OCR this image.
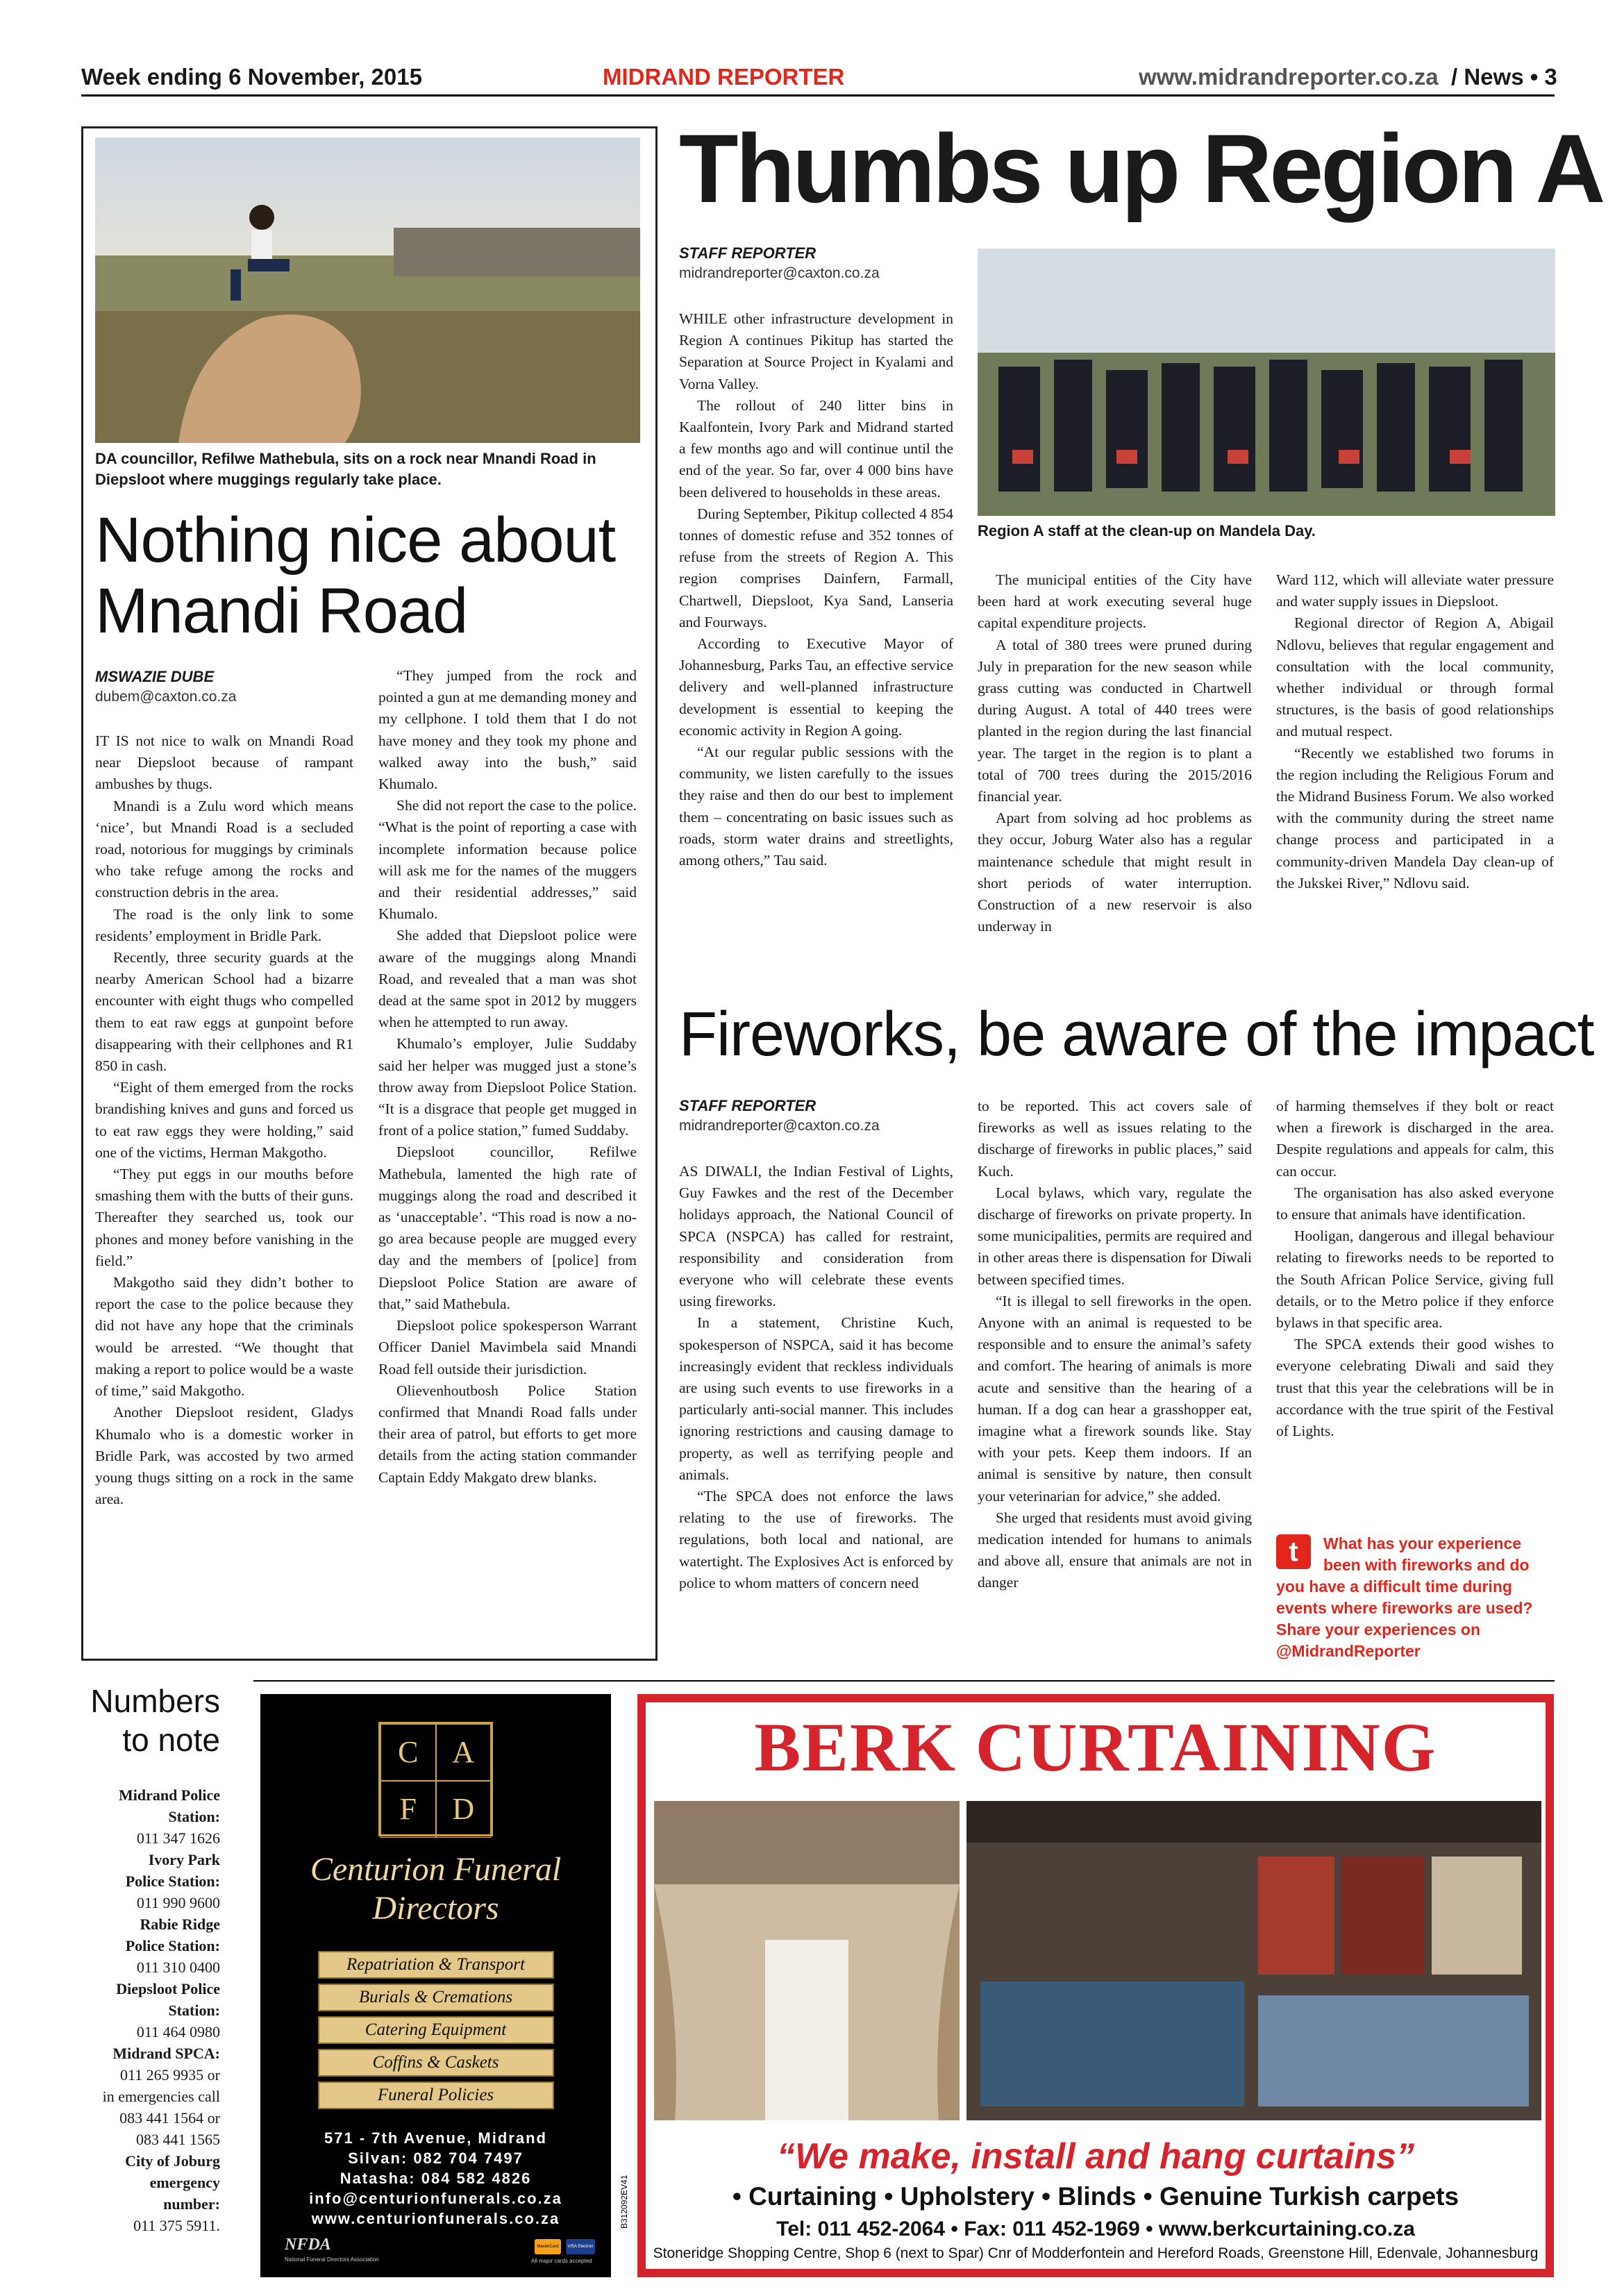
Week ending 6 November, 2015	MIDRAND REPORTER	www.midrandreporter.co.za / News • 3
DA councillor, Refilwe Mathebula, sits on a rock near Mnandi Road in Diepsloot where muggings regularly take place.
Nothing nice about
Mnandi Road
MSWAZIE DUBE
dubem@caxton.co.za

IT IS not nice to walk on Mnandi Road near Diepsloot because of rampant ambushes by thugs.

Mnandi is a Zulu word which means ‘nice’, but Mnandi Road is a secluded road, notorious for muggings by criminals who take refuge among the rocks and construction debris in the area.

The road is the only link to some residents’ employment in Bridle Park.

Recently, three security guards at the nearby American School had a bizarre encounter with eight thugs who compelled them to eat raw eggs at gunpoint before disappearing with their cellphones and R1 850 in cash.

“Eight of them emerged from the rocks brandishing knives and guns and forced us to eat raw eggs they were holding,” said one of the victims, Herman Makgotho.

“They put eggs in our mouths before smashing them with the butts of their guns. Thereafter they searched us, took our phones and money before vanishing in the field.”

Makgotho said they didn’t bother to report the case to the police because they did not have any hope that the criminals would be arrested. “We thought that making a report to police would be a waste of time,” said Makgotho.

Another Diepsloot resident, Gladys Khumalo who is a domestic worker in Bridle Park, was accosted by two armed young thugs sitting on a rock in the same area.

“They jumped from the rock and pointed a gun at me demanding money and my cellphone. I told them that I do not have money and they took my phone and walked away into the bush,” said Khumalo.

She did not report the case to the police. “What is the point of reporting a case with incomplete information because police will ask me for the names of the muggers and their residential addresses,” said Khumalo.

She added that Diepsloot police were aware of the muggings along Mnandi Road, and revealed that a man was shot dead at the same spot in 2012 by muggers when he attempted to run away.

Khumalo’s employer, Julie Suddaby said her helper was mugged just a stone’s throw away from Diepsloot Police Station. “It is a disgrace that people get mugged in front of a police station,” fumed Suddaby.

Diepsloot councillor, Refilwe Mathebula, lamented the high rate of muggings along the road and described it as ‘unacceptable’. “This road is now a no-go area because people are mugged every day and the members of [police] from Diepsloot Police Station are aware of that,” said Mathebula.

Diepsloot police spokesperson Warrant Officer Daniel Mavimbela said Mnandi Road fell outside their jurisdiction.

Olievenhoutbosh Police Station confirmed that Mnandi Road falls under their area of patrol, but efforts to get more details from the acting station commander Captain Eddy Makgato drew blanks.

Thumbs up Region A
STAFF REPORTER
midrandreporter@caxton.co.za
Region A staff at the clean-up on Mandela Day.

WHILE other infrastructure development in Region A continues Pikitup has started the Separation at Source Project in Kyalami and Vorna Valley.

The rollout of 240 litter bins in Kaalfontein, Ivory Park and Midrand started a few months ago and will continue until the end of the year. So far, over 4 000 bins have been delivered to households in these areas.

During September, Pikitup collected 4 854 tonnes of domestic refuse and 352 tonnes of refuse from the streets of Region A. This region comprises Dainfern, Farmall, Chartwell, Diepsloot, Kya Sand, Lanseria and Fourways.

According to Executive Mayor of Johannesburg, Parks Tau, an effective service delivery and well-planned infrastructure development is essential to keeping the economic activity in Region A going.

“At our regular public sessions with the community, we listen carefully to the issues they raise and then do our best to implement them – concentrating on basic issues such as roads, storm water drains and streetlights, among others,” Tau said.

The municipal entities of the City have been hard at work executing several huge capital expenditure projects.

A total of 380 trees were pruned during July in preparation for the new season while grass cutting was conducted in Chartwell during August. A total of 440 trees were planted in the region during the last financial year. The target in the region is to plant a total of 700 trees during the 2015/2016 financial year.

Apart from solving ad hoc problems as they occur, Joburg Water also has a regular maintenance schedule that might result in short periods of water interruption. Construction of a new reservoir is also underway in

Ward 112, which will alleviate water pressure and water supply issues in Diepsloot.

Regional director of Region A, Abigail Ndlovu, believes that regular engagement and consultation with the local community, whether individual or through formal structures, is the basis of good relationships and mutual respect.

“Recently we established two forums in the region including the Religious Forum and the Midrand Business Forum. We also worked with the community during the street name change process and participated in a community-driven Mandela Day clean-up of the Jukskei River,” Ndlovu said.

Fireworks, be aware of the impact
STAFF REPORTER
midrandreporter@caxton.co.za

AS DIWALI, the Indian Festival of Lights, Guy Fawkes and the rest of the December holidays approach, the National Council of SPCA (NSPCA) has called for restraint, responsibility and consideration from everyone who will celebrate these events using fireworks.

In a statement, Christine Kuch, spokesperson of NSPCA, said it has become increasingly evident that reckless individuals are using such events to use fireworks in a particularly anti-social manner. This includes ignoring restrictions and causing damage to property, as well as terrifying people and animals.

“The SPCA does not enforce the laws relating to the use of fireworks. The regulations, both local and national, are watertight. The Explosives Act is enforced by police to whom matters of concern need

to be reported. This act covers sale of fireworks as well as issues relating to the discharge of fireworks in public places,” said Kuch.

Local bylaws, which vary, regulate the discharge of fireworks on private property. In some municipalities, permits are required and in other areas there is dispensation for Diwali between specified times.

“It is illegal to sell fireworks in the open. Anyone with an animal is requested to be responsible and to ensure the animal’s safety and comfort. The hearing of animals is more acute and sensitive than the hearing of a human. If a dog can hear a grasshopper eat, imagine what a firework sounds like. Stay with your pets. Keep them indoors. If an animal is sensitive by nature, then consult your veterinarian for advice,” she added.

She urged that residents must avoid giving medication intended for humans to animals and above all, ensure that animals are not in danger

of harming themselves if they bolt or react when a firework is discharged in the area. Despite regulations and appeals for calm, this can occur.

The organisation has also asked everyone to ensure that animals have identification.

Hooligan, dangerous and illegal behaviour relating to fireworks needs to be reported to the South African Police Service, giving full details, or to the Metro police if they enforce bylaws in that specific area.

The SPCA extends their good wishes to everyone celebrating Diwali and said they trust that this year the celebrations will be in accordance with the true spirit of the Festival of Lights.

t	What has your experience
been with fireworks and do
you have a difficult time during
events where fireworks are used?
Share your experiences on
@MidrandReporter
Numbers
to note
Midrand Police
Station:
011 347 1626
Ivory Park
Police Station:
011 990 9600
Rabie Ridge
Police Station:
011 310 0400
Diepsloot Police
Station:
011 464 0980
Midrand SPCA:
011 265 9935 or
in emergencies call
083 441 1564 or
083 441 1565
City of Joburg
emergency
number:
011 375 5911.
C	A
F	D
Centurion Funeral
Directors
Repatriation & Transport
Burials & Cremations
Catering Equipment
Coffins & Caskets
Funeral Policies
571 - 7th Avenue, Midrand
Silvan: 082 704 7497
Natasha: 084 582 4826
info@centurionfunerals.co.za
www.centurionfunerals.co.za
NFDA
National Funeral Directors Association
MasterCard	VISA Electron
All major cards accepted
BERK CURTAINING
“We make, install and hang curtains”
• Curtaining • Upholstery • Blinds • Genuine Turkish carpets
Tel: 011 452-2064 • Fax: 011 452-1969 • www.berkcurtaining.co.za
Stoneridge Shopping Centre, Shop 6 (next to Spar) Cnr of Modderfontein and Hereford Roads, Greenstone Hill, Edenvale, Johannesburg
B312092EV41
